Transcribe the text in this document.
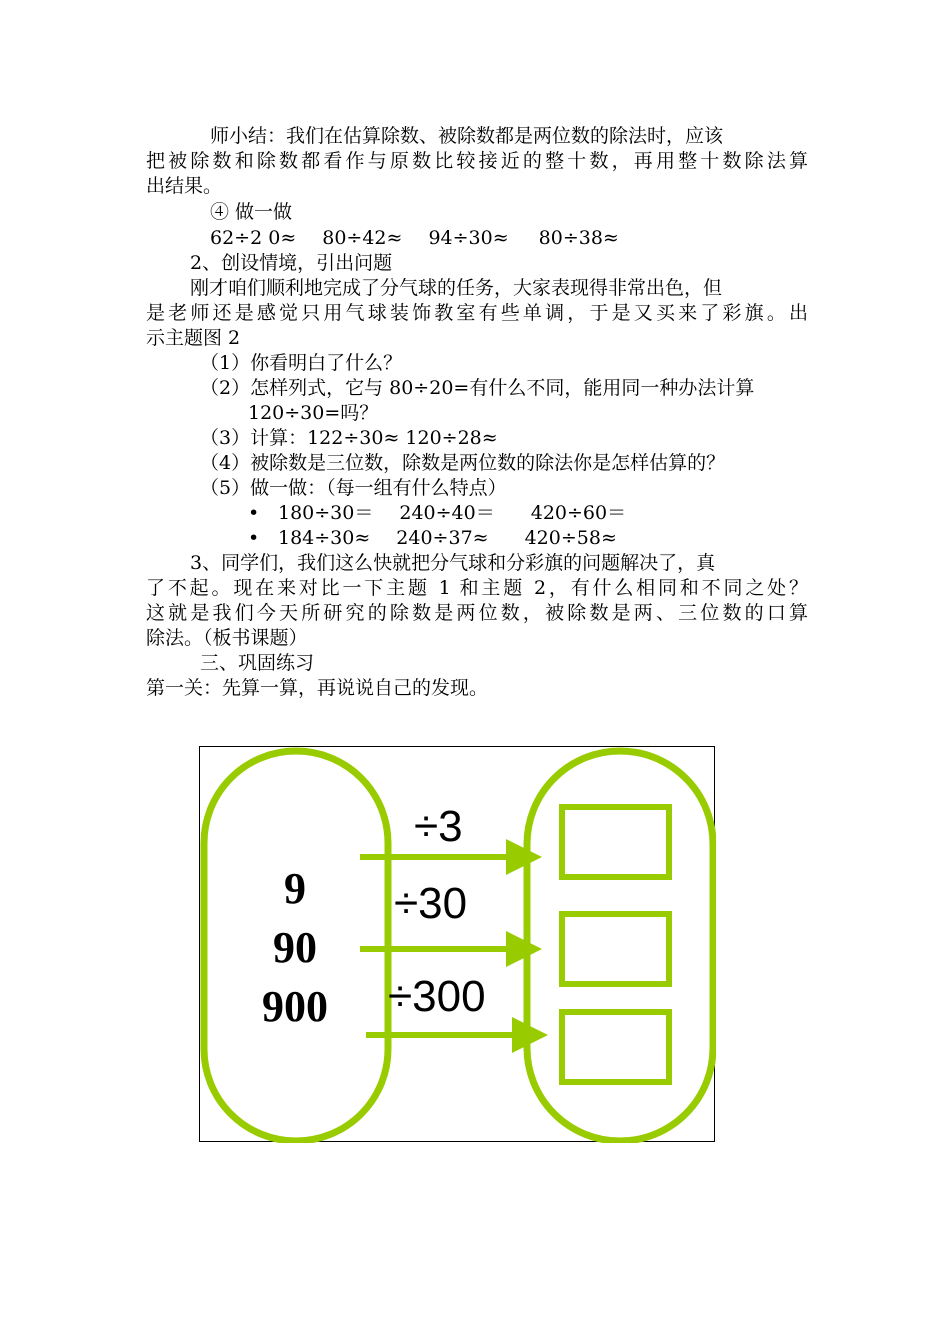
师小结：我们在估算除数、被除数都是两位数的除法时，应该
把被除数和除数都看作与原数比较接近的整十数，再用整十数除法算
出结果。
④ 做一做
62÷2 0≈ 80÷42≈ 94÷30≈ 80÷38≈
2、创设情境，引出问题
刚才咱们顺利地完成了分气球的任务，大家表现得非常出色，但
是老师还是感觉只用气球装饰教室有些单调，于是又买来了彩旗。出
示主题图 2
（1）你看明白了什么？
（2）怎样列式，它与 80÷20=有什么不同，能用同一种办法计算
120÷30=吗？
（3）计算：122÷30≈ 120÷28≈
（4）被除数是三位数，除数是两位数的除法你是怎样估算的？
（5）做一做：（每一组有什么特点）
• 180÷30＝ 240÷40＝ 420÷60＝
• 184÷30≈ 240÷37≈ 420÷58≈
3、同学们，我们这么快就把分气球和分彩旗的问题解决了，真
了不起。现在来对比一下主题 1 和主题 2，有什么相同和不同之处？
这就是我们今天所研究的除数是两位数，被除数是两、三位数的口算
除法。（板书课题）
三、巩固练习
第一关：先算一算，再说说自己的发现。
9
90
900
÷3
÷30
÷300
